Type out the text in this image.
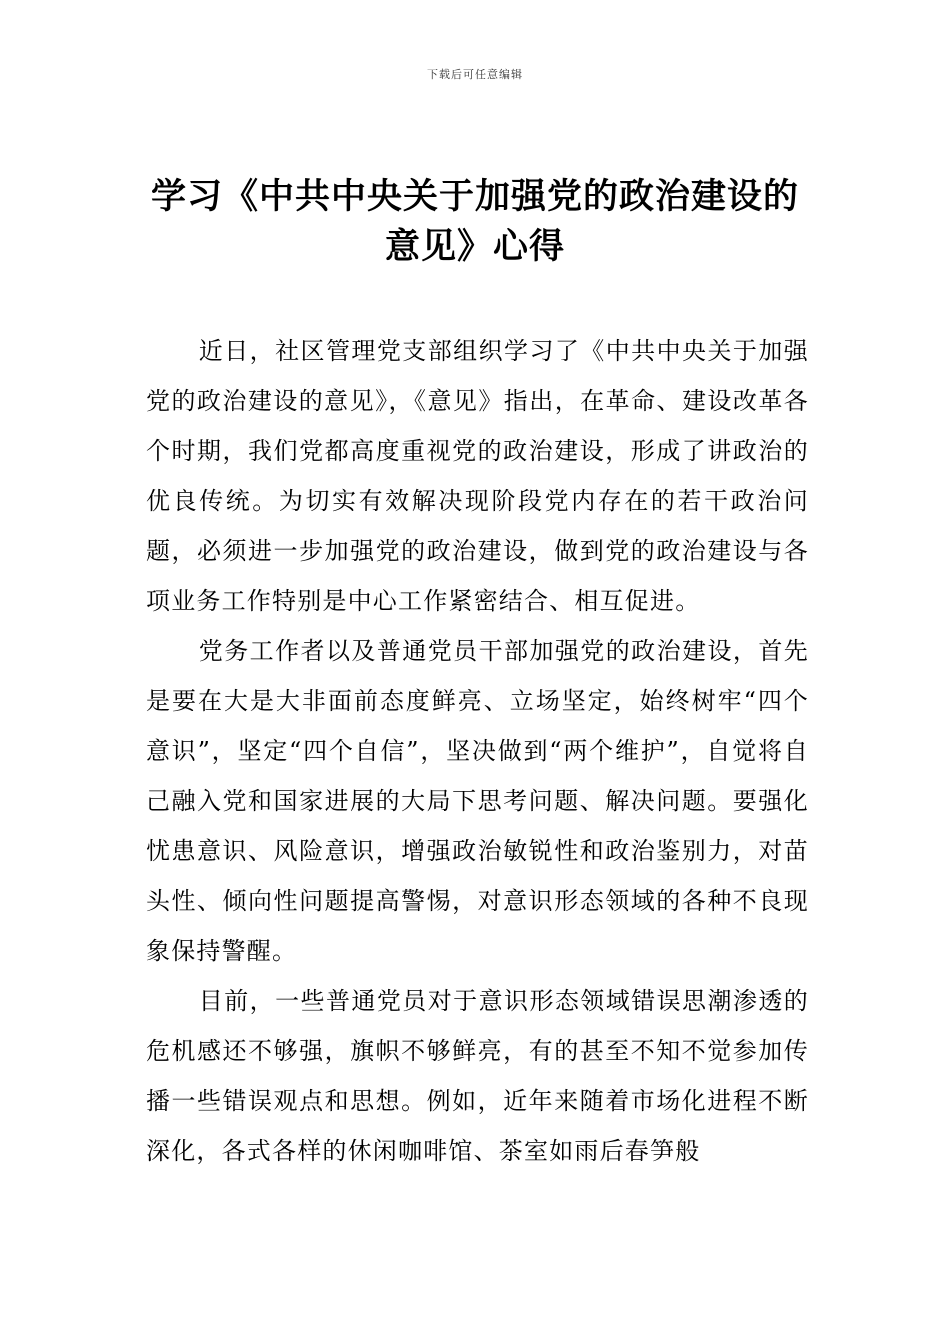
下载后可任意编辑
学习《中共中央关于加强党的政治建设的
意见》心得

近日，社区管理党支部组织学习了《中共中央关于加强党的政治建设的意见》，《意见》指出，在革命、建设改革各个时期，我们党都高度重视党的政治建设，形成了讲政治的优良传统。为切实有效解决现阶段党内存在的若干政治问题，必须进一步加强党的政治建设，做到党的政治建设与各项业务工作特别是中心工作紧密结合、相互促进。

党务工作者以及普通党员干部加强党的政治建设，首先是要在大是大非面前态度鲜亮、立场坚定，始终树牢“四个意识”，坚定“四个自信”，坚决做到“两个维护”，自觉将自己融入党和国家进展的大局下思考问题、解决问题。要强化忧患意识、风险意识，增强政治敏锐性和政治鉴别力，对苗头性、倾向性问题提高警惕，对意识形态领域的各种不良现象保持警醒。

目前，一些普通党员对于意识形态领域错误思潮渗透的危机感还不够强，旗帜不够鲜亮，有的甚至不知不觉参加传播一些错误观点和思想。例如，近年来随着市场化进程不断深化，各式各样的休闲咖啡馆、茶室如雨后春笋般
